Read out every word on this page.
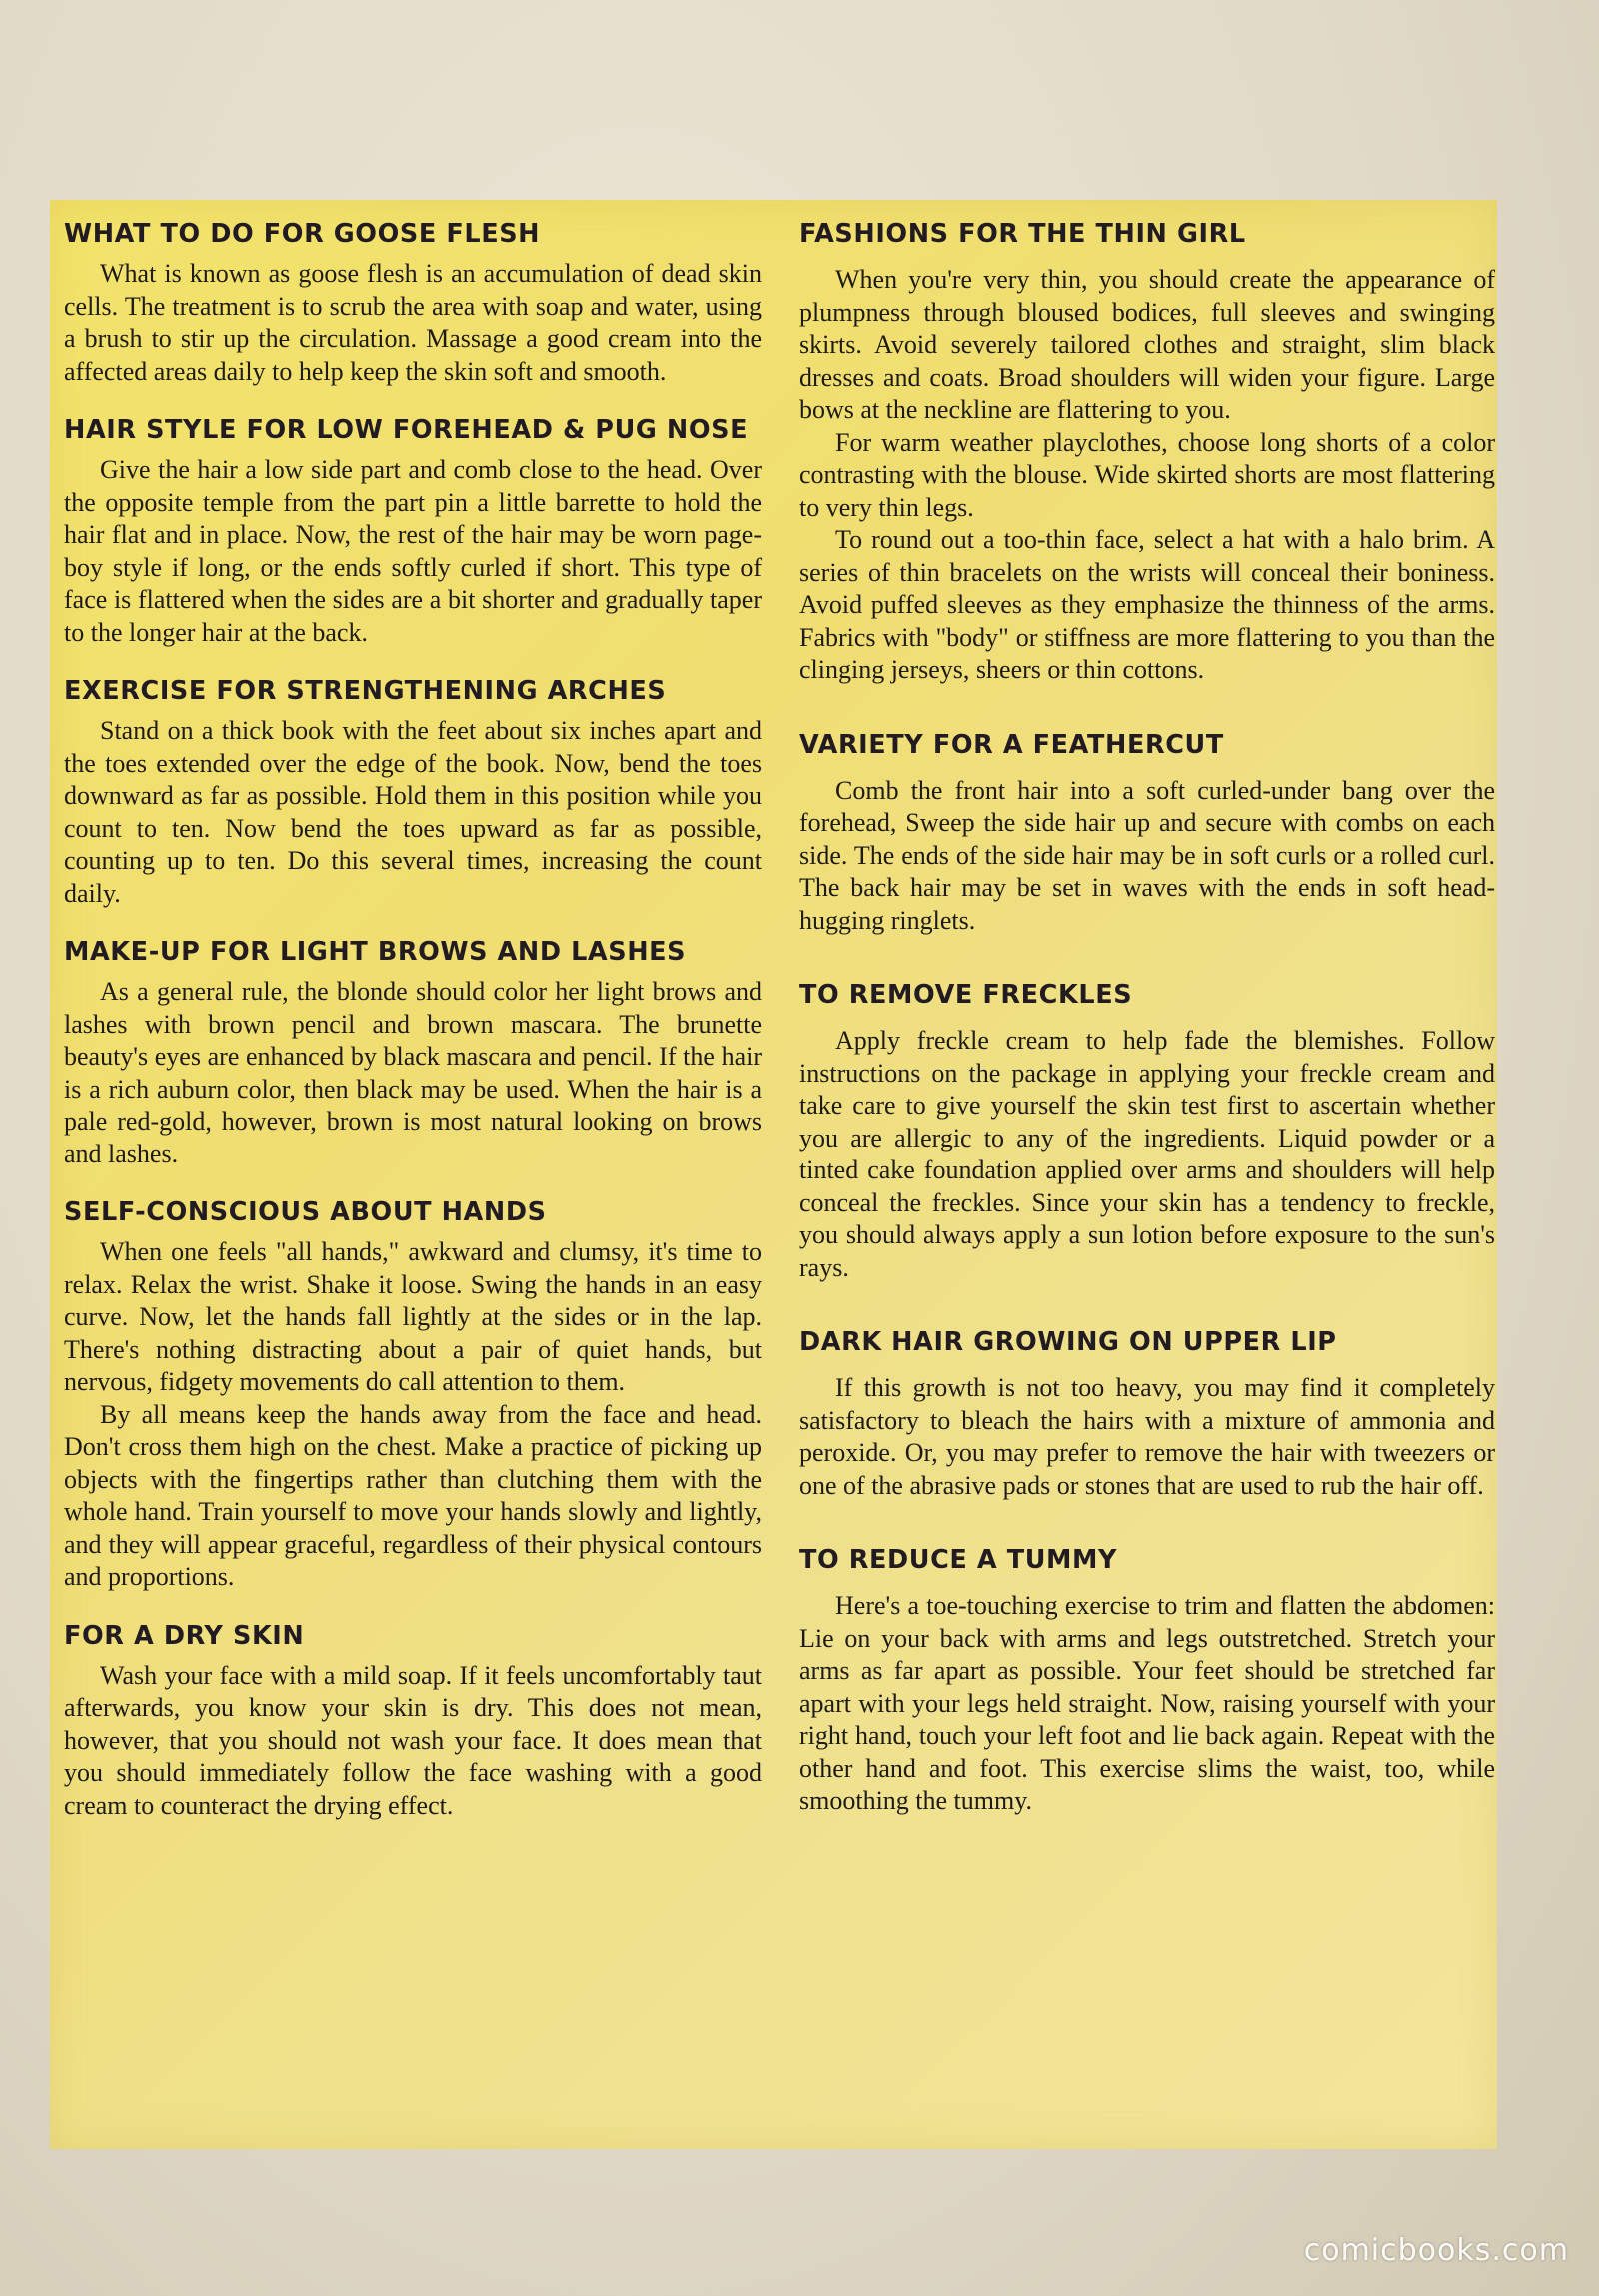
WHAT TO DO FOR GOOSE FLESH

What is known as goose flesh is an accumulation of dead skin cells. The treatment is to scrub the area with soap and water, using a brush to stir up the circulation. Massage a good cream into the affected areas daily to help keep the skin soft and smooth.

HAIR STYLE FOR LOW FOREHEAD & PUG NOSE

Give the hair a low side part and comb close to the head. Over the opposite temple from the part pin a little barrette to hold the hair flat and in place. Now, the rest of the hair may be worn page-boy style if long, or the ends softly curled if short. This type of face is flattered when the sides are a bit shorter and gradually taper to the longer hair at the back.

EXERCISE FOR STRENGTHENING ARCHES

Stand on a thick book with the feet about six inches apart and the toes extended over the edge of the book. Now, bend the toes downward as far as possible. Hold them in this position while you count to ten. Now bend the toes upward as far as possible, counting up to ten. Do this several times, increasing the count daily.

MAKE-UP FOR LIGHT BROWS AND LASHES

As a general rule, the blonde should color her light brows and lashes with brown pencil and brown mascara. The brunette beauty's eyes are enhanced by black mascara and pencil. If the hair is a rich auburn color, then black may be used. When the hair is a pale red-gold, however, brown is most natural looking on brows and lashes.

SELF-CONSCIOUS ABOUT HANDS

When one feels "all hands," awkward and clumsy, it's time to relax. Relax the wrist. Shake it loose. Swing the hands in an easy curve. Now, let the hands fall lightly at the sides or in the lap. There's nothing distracting about a pair of quiet hands, but nervous, fidgety movements do call attention to them.

By all means keep the hands away from the face and head. Don't cross them high on the chest. Make a practice of picking up objects with the fingertips rather than clutching them with the whole hand. Train yourself to move your hands slowly and lightly, and they will appear graceful, regardless of their physical contours and proportions.

FOR A DRY SKIN

Wash your face with a mild soap. If it feels uncomfortably taut afterwards, you know your skin is dry. This does not mean, however, that you should not wash your face. It does mean that you should immediately follow the face washing with a good cream to counteract the drying effect.

FASHIONS FOR THE THIN GIRL

When you're very thin, you should create the appearance of plumpness through bloused bodices, full sleeves and swinging skirts. Avoid severely tailored clothes and straight, slim black dresses and coats. Broad shoulders will widen your figure. Large bows at the neckline are flattering to you.

For warm weather playclothes, choose long shorts of a color contrasting with the blouse. Wide skirted shorts are most flattering to very thin legs.

To round out a too-thin face, select a hat with a halo brim. A series of thin bracelets on the wrists will conceal their boniness. Avoid puffed sleeves as they emphasize the thinness of the arms. Fabrics with "body" or stiffness are more flattering to you than the clinging jerseys, sheers or thin cottons.

VARIETY FOR A FEATHERCUT

Comb the front hair into a soft curled-under bang over the forehead, Sweep the side hair up and secure with combs on each side. The ends of the side hair may be in soft curls or a rolled curl. The back hair may be set in waves with the ends in soft head-hugging ringlets.

TO REMOVE FRECKLES

Apply freckle cream to help fade the blemishes. Follow instructions on the package in applying your freckle cream and take care to give yourself the skin test first to ascertain whether you are allergic to any of the ingredients. Liquid powder or a tinted cake foundation applied over arms and shoulders will help conceal the freckles. Since your skin has a tendency to freckle, you should always apply a sun lotion before exposure to the sun's rays.

DARK HAIR GROWING ON UPPER LIP

If this growth is not too heavy, you may find it completely satisfactory to bleach the hairs with a mixture of ammonia and peroxide. Or, you may prefer to remove the hair with tweezers or one of the abrasive pads or stones that are used to rub the hair off.

TO REDUCE A TUMMY

Here's a toe-touching exercise to trim and flatten the abdomen: Lie on your back with arms and legs outstretched. Stretch your arms as far apart as possible. Your feet should be stretched far apart with your legs held straight. Now, raising yourself with your right hand, touch your left foot and lie back again. Repeat with the other hand and foot. This exercise slims the waist, too, while smoothing the tummy.

comicbooks.com
